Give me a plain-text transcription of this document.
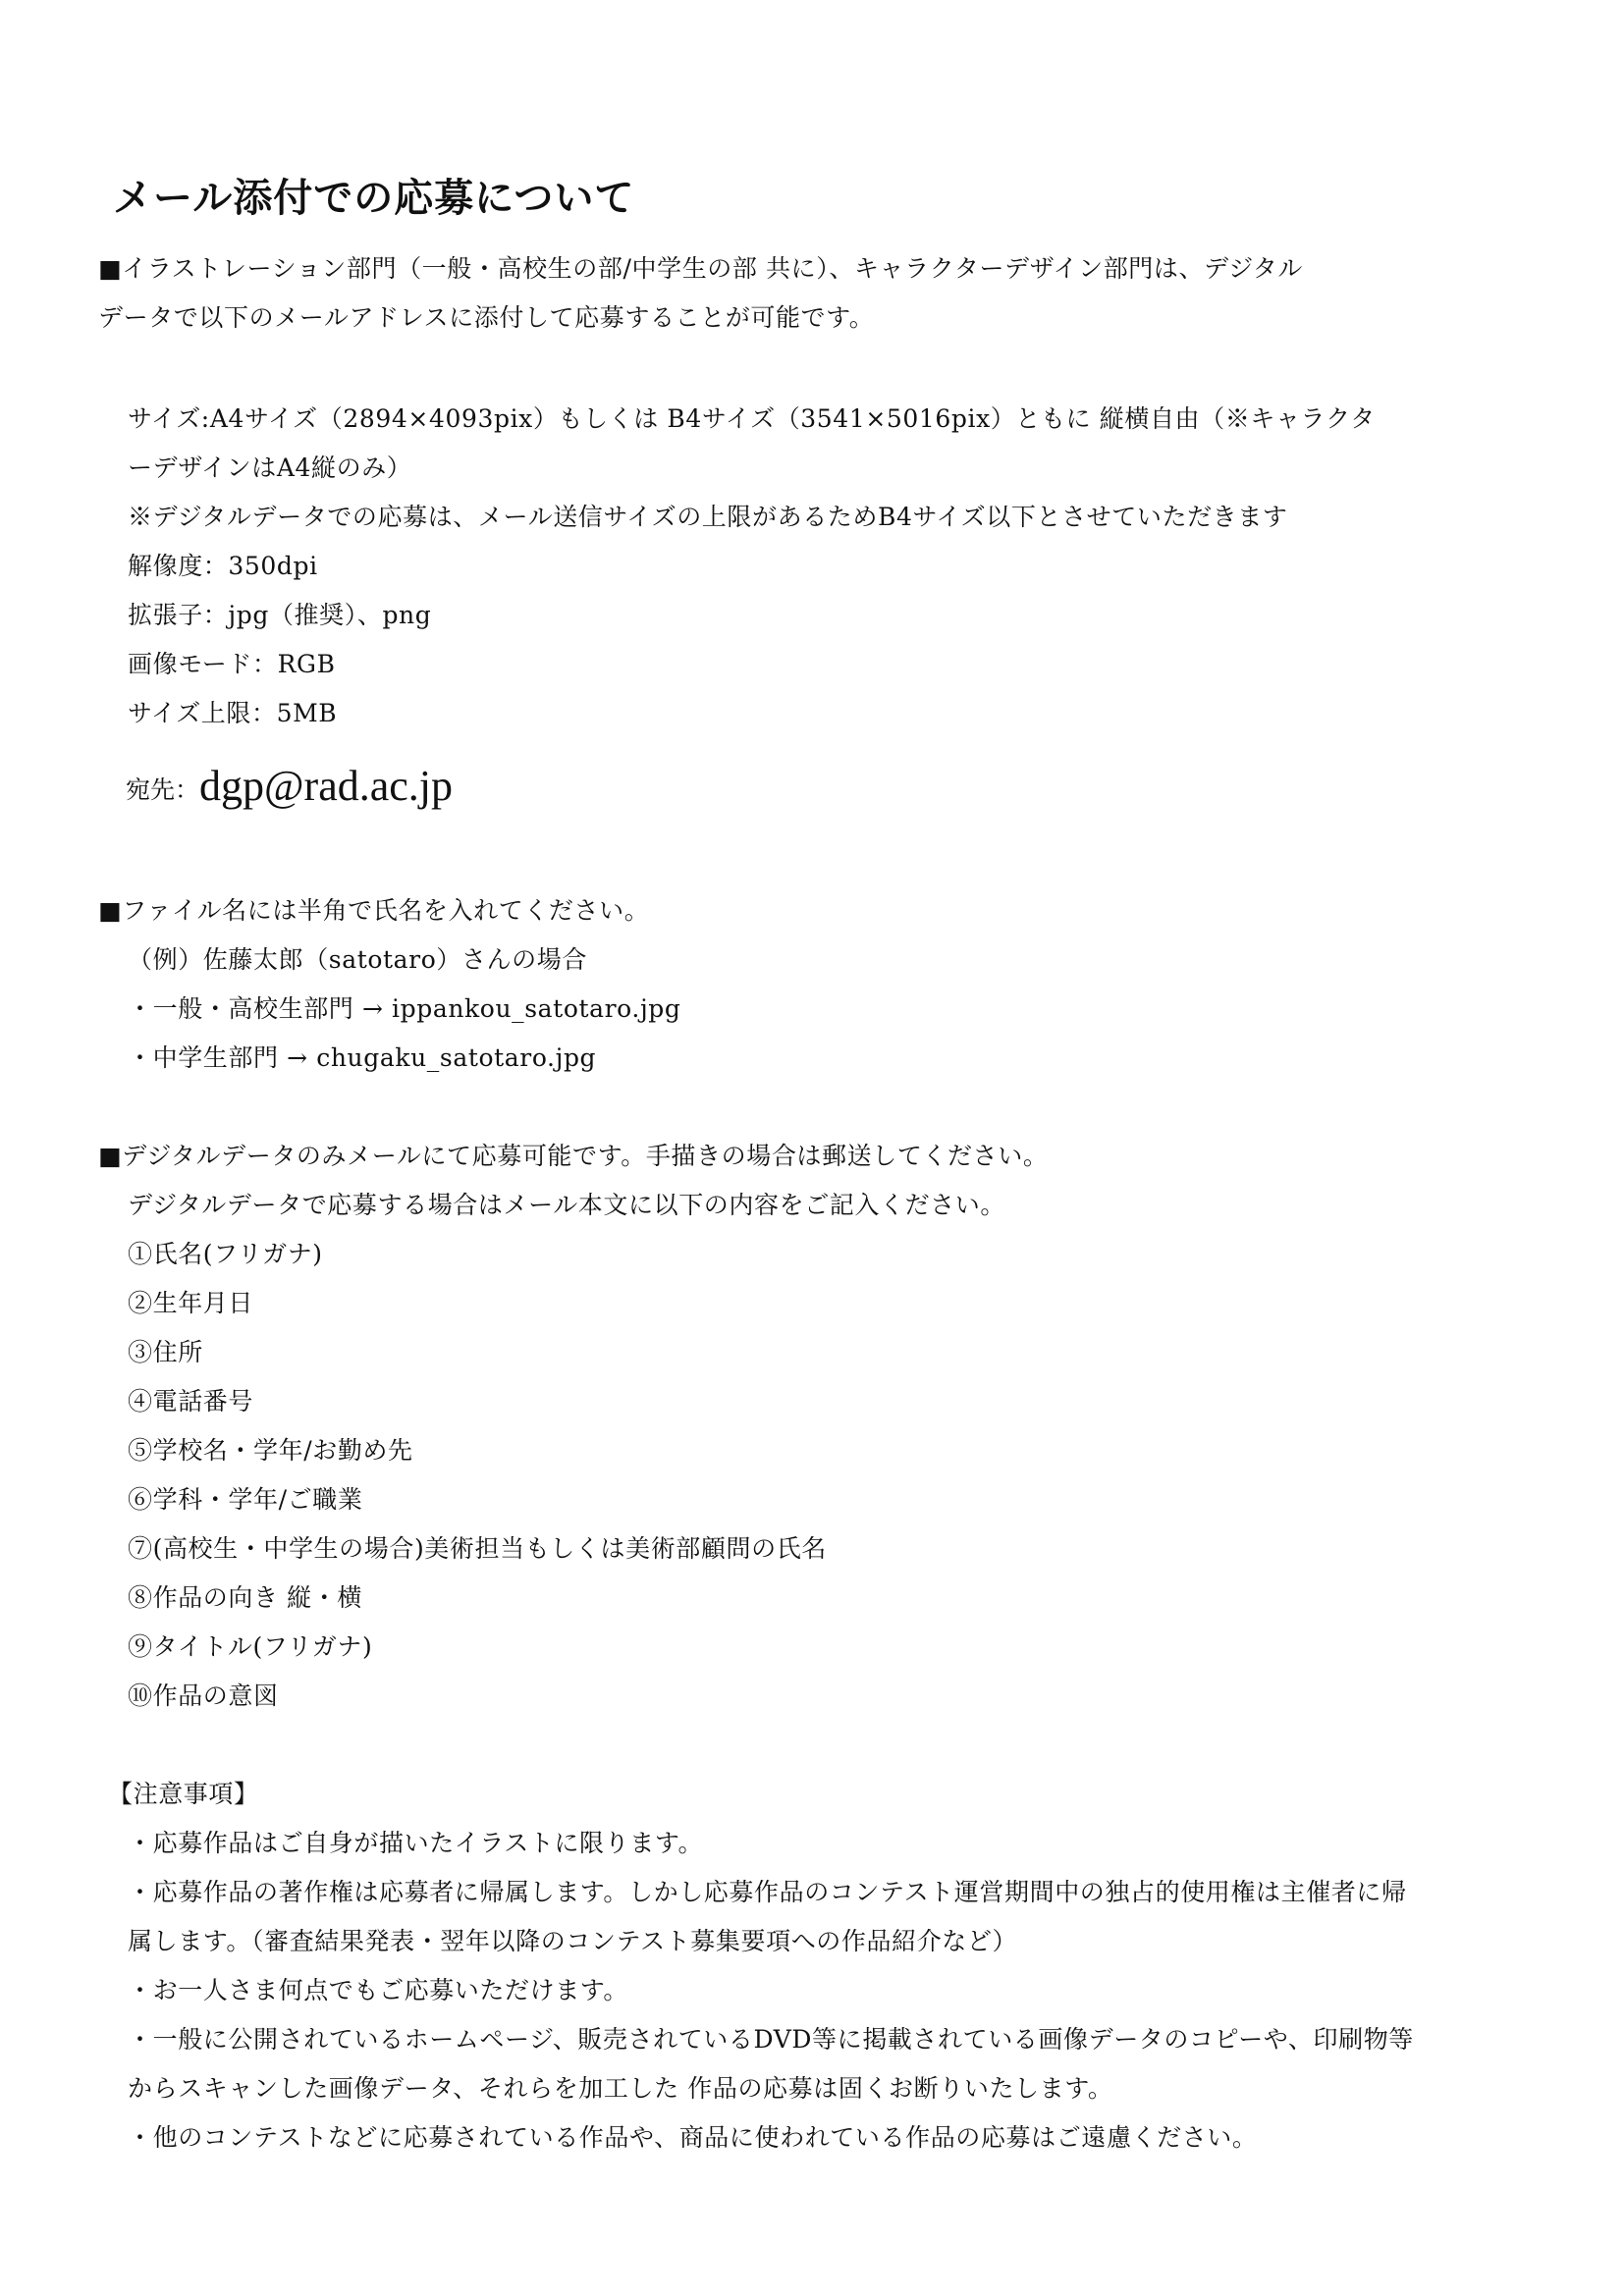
メール添付での応募について
■イラストレーション部門（一般・高校生の部/中学生の部 共に）、キャラクターデザイン部門は、デジタル
データで以下のメールアドレスに添付して応募することが可能です。
サイズ:A4サイズ（2894×4093pix）もしくは B4サイズ（3541×5016pix）ともに 縦横自由（※キャラクタ
ーデザインはA4縦のみ）
※デジタルデータでの応募は、メール送信サイズの上限があるためB4サイズ以下とさせていただきます
解像度：350dpi
拡張子：jpg（推奨）、png
画像モード：RGB
サイズ上限：5MB
宛先：dgp@rad.ac.jp
■ファイル名には半角で氏名を入れてください。
（例）佐藤太郎（satotaro）さんの場合
・一般・高校生部門 → ippankou_satotaro.jpg
・中学生部門 → chugaku_satotaro.jpg
■デジタルデータのみメールにて応募可能です。手描きの場合は郵送してください。
デジタルデータで応募する場合はメール本文に以下の内容をご記入ください。
①氏名(フリガナ)
②生年月日
③住所
④電話番号
⑤学校名・学年/お勤め先
⑥学科・学年/ご職業
⑦(高校生・中学生の場合)美術担当もしくは美術部顧問の氏名
⑧作品の向き 縦・横
⑨タイトル(フリガナ)
⑩作品の意図
【注意事項】
・応募作品はご自身が描いたイラストに限ります。
・応募作品の著作権は応募者に帰属します。しかし応募作品のコンテスト運営期間中の独占的使用権は主催者に帰
属します。（審査結果発表・翌年以降のコンテスト募集要項への作品紹介など）
・お一人さま何点でもご応募いただけます。
・一般に公開されているホームページ、販売されているDVD等に掲載されている画像データのコピーや、印刷物等
からスキャンした画像データ、それらを加工した 作品の応募は固くお断りいたします。
・他のコンテストなどに応募されている作品や、商品に使われている作品の応募はご遠慮ください。
